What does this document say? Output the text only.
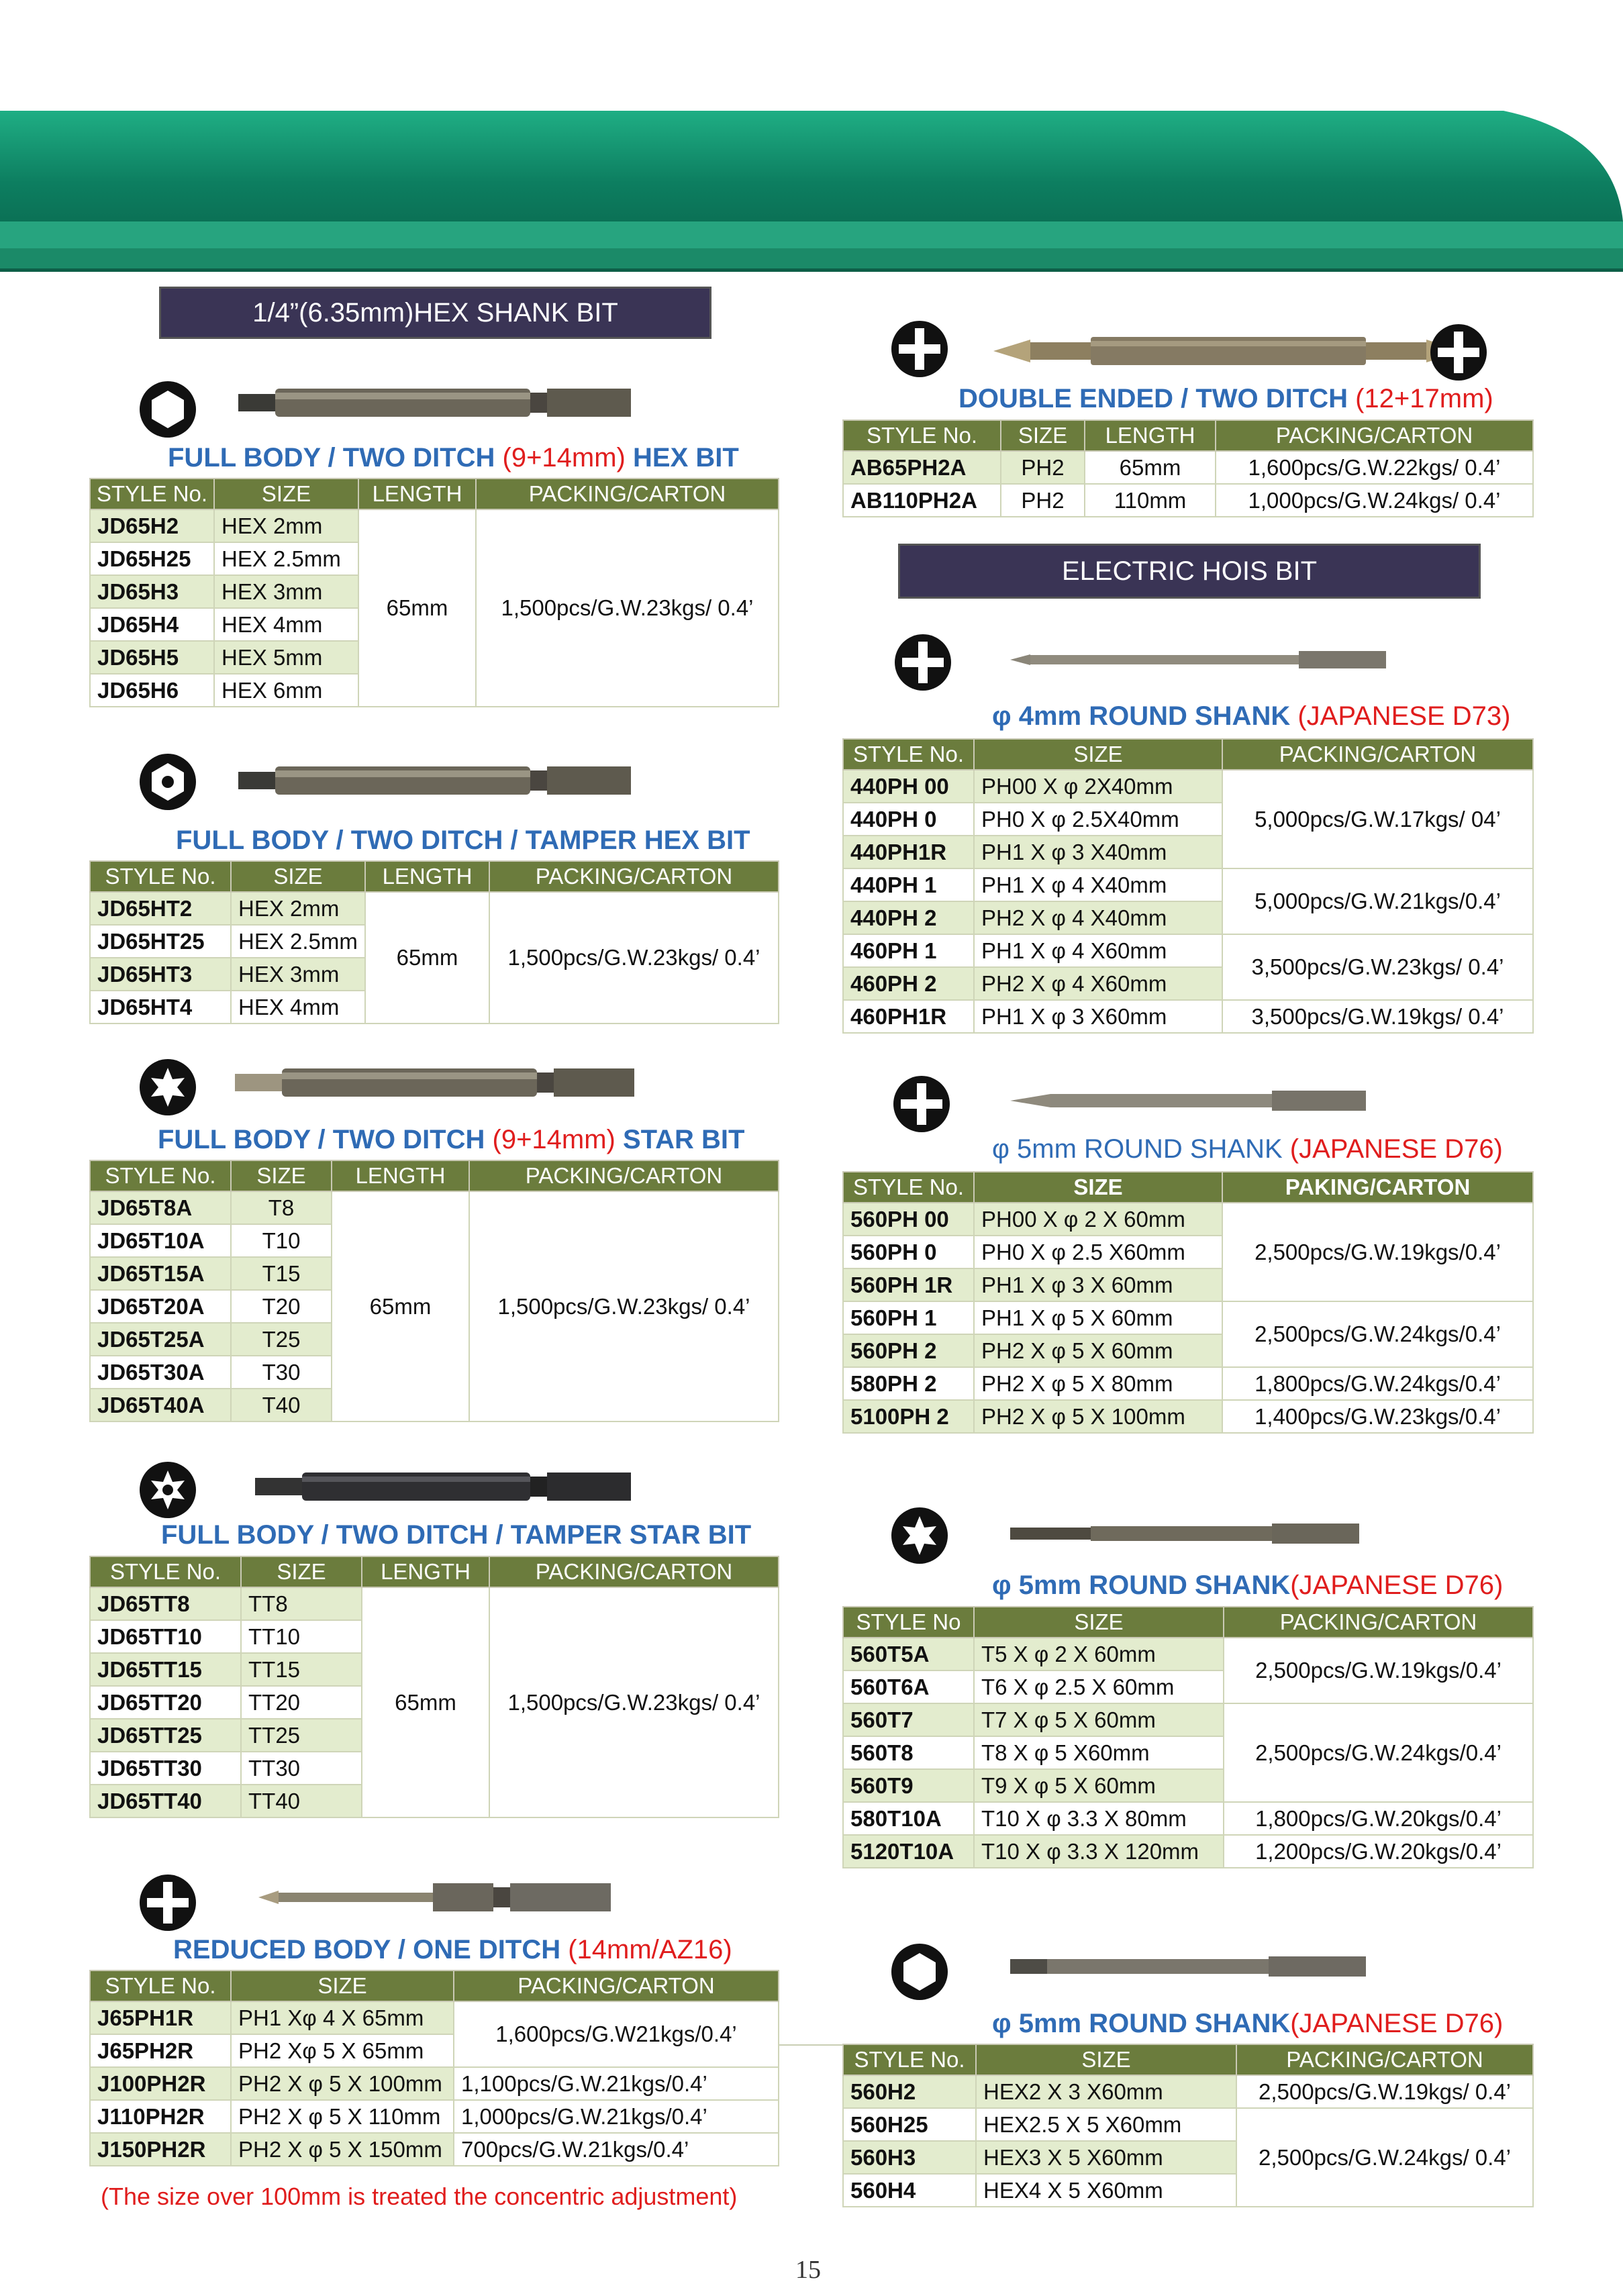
1/4”(6.35mm)HEX SHANK BIT
FULL BODY / TWO DITCH (9+14mm) HEX BIT
STYLE No.	SIZE	LENGTH	PACKING/CARTON
JD65H2	HEX 2mm	65mm	1,500pcs/G.W.23kgs/ 0.4’
JD65H25	HEX 2.5mm		
JD65H3	HEX 3mm		
JD65H4	HEX 4mm		
JD65H5	HEX 5mm		
JD65H6	HEX 6mm		
FULL BODY / TWO DITCH / TAMPER HEX BIT
STYLE No.	SIZE	LENGTH	PACKING/CARTON
JD65HT2	HEX 2mm	65mm	1,500pcs/G.W.23kgs/ 0.4’
JD65HT25	HEX 2.5mm		
JD65HT3	HEX 3mm		
JD65HT4	HEX 4mm		
FULL BODY / TWO DITCH (9+14mm) STAR BIT
STYLE No.	SIZE	LENGTH	PACKING/CARTON
JD65T8A	T8	65mm	1,500pcs/G.W.23kgs/ 0.4’
JD65T10A	T10		
JD65T15A	T15		
JD65T20A	T20		
JD65T25A	T25		
JD65T30A	T30		
JD65T40A	T40		
FULL BODY / TWO DITCH / TAMPER STAR BIT
STYLE No.	SIZE	LENGTH	PACKING/CARTON
JD65TT8	TT8	65mm	1,500pcs/G.W.23kgs/ 0.4’
JD65TT10	TT10		
JD65TT15	TT15		
JD65TT20	TT20		
JD65TT25	TT25		
JD65TT30	TT30		
JD65TT40	TT40		
REDUCED BODY / ONE DITCH (14mm/AZ16)
STYLE No.	SIZE	PACKING/CARTON
J65PH1R	PH1 Xφ 4 X 65mm	1,600pcs/G.W21kgs/0.4’
J65PH2R	PH2 Xφ 5 X 65mm	
J100PH2R	PH2 X φ 5 X 100mm	1,100pcs/G.W.21kgs/0.4’
J110PH2R	PH2 X φ 5 X 110mm	1,000pcs/G.W.21kgs/0.4’
J150PH2R	PH2 X φ 5 X 150mm	700pcs/G.W.21kgs/0.4’
(The size over 100mm is treated the concentric adjustment)
DOUBLE ENDED / TWO DITCH (12+17mm)
STYLE No.	SIZE	LENGTH	PACKING/CARTON
AB65PH2A	PH2	65mm	1,600pcs/G.W.22kgs/ 0.4’
AB110PH2A	PH2	110mm	1,000pcs/G.W.24kgs/ 0.4’
ELECTRIC HOIS BIT
φ 4mm ROUND SHANK (JAPANESE D73)
STYLE No.	SIZE	PACKING/CARTON
440PH 00	PH00 X φ 2X40mm	5,000pcs/G.W.17kgs/ 04’
440PH 0	PH0 X φ 2.5X40mm	
440PH1R	PH1 X φ 3 X40mm	
440PH 1	PH1 X φ 4 X40mm	5,000pcs/G.W.21kgs/0.4’
440PH 2	PH2 X φ 4 X40mm	
460PH 1	PH1 X φ 4 X60mm	3,500pcs/G.W.23kgs/ 0.4’
460PH 2	PH2 X φ 4 X60mm	
460PH1R	PH1 X φ 3 X60mm	3,500pcs/G.W.19kgs/ 0.4’
φ 5mm ROUND SHANK (JAPANESE D76)
STYLE No.	SIZE	PAKING/CARTON
560PH 00	PH00 X φ 2 X 60mm	2,500pcs/G.W.19kgs/0.4’
560PH 0	PH0 X φ 2.5 X60mm	
560PH 1R	PH1 X φ 3 X 60mm	
560PH 1	PH1 X φ 5 X 60mm	2,500pcs/G.W.24kgs/0.4’
560PH 2	PH2 X φ 5 X 60mm	
580PH 2	PH2 X φ 5 X 80mm	1,800pcs/G.W.24kgs/0.4’
5100PH 2	PH2 X φ 5 X 100mm	1,400pcs/G.W.23kgs/0.4’
φ 5mm ROUND SHANK(JAPANESE D76)
STYLE No	SIZE	PACKING/CARTON
560T5A	T5 X φ 2 X 60mm	2,500pcs/G.W.19kgs/0.4’
560T6A	T6 X φ 2.5 X 60mm	
560T7	T7 X φ 5 X 60mm	2,500pcs/G.W.24kgs/0.4’
560T8	T8 X φ 5 X60mm	
560T9	T9 X φ 5 X 60mm	
580T10A	T10 X φ 3.3 X 80mm	1,800pcs/G.W.20kgs/0.4’
5120T10A	T10 X φ 3.3 X 120mm	1,200pcs/G.W.20kgs/0.4’
φ 5mm ROUND SHANK(JAPANESE D76)
STYLE No.	SIZE	PACKING/CARTON
560H2	HEX2 X 3 X60mm	2,500pcs/G.W.19kgs/ 0.4’
560H25	HEX2.5 X 5 X60mm	2,500pcs/G.W.24kgs/ 0.4’
560H3	HEX3 X 5 X60mm	
560H4	HEX4 X 5 X60mm	
15
